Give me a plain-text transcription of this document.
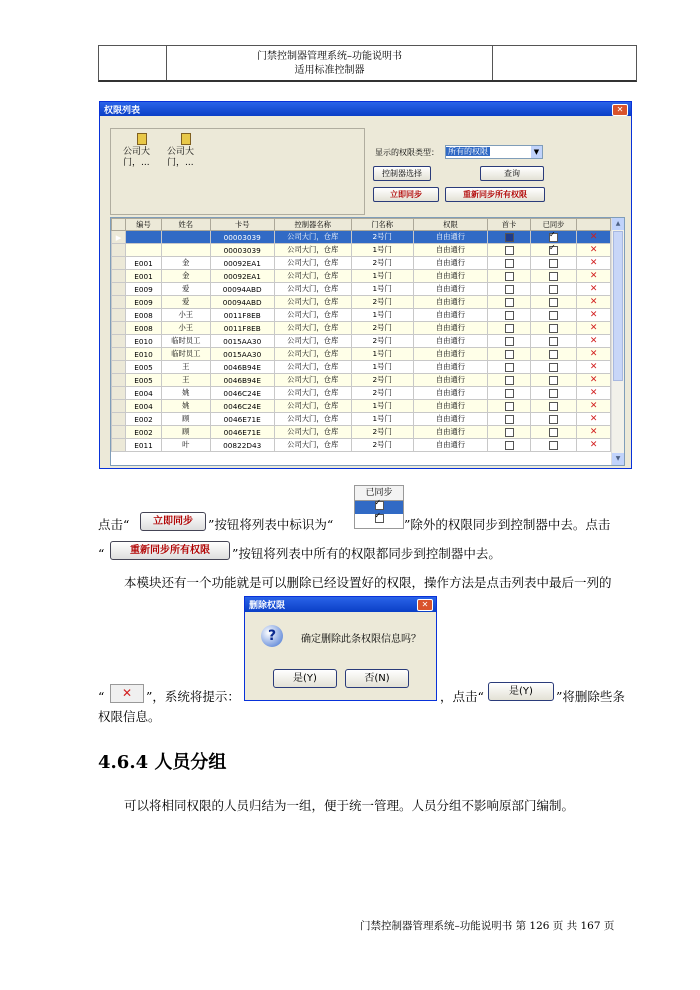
门禁控制器管理系统–功能说明书
适用标准控制器
权限列表	✕
公司大门，...
公司大门，...
显示的权限类型：	所有的权限	▼
控制器选择	查询
立即同步	重新同步所有权限
	编号	姓名	卡号	控制器名称	门名称	权限	首卡	已同步	
▶			00003039	公司大门，仓库	2号门	自由通行		✓	✕
			00003039	公司大门，仓库	1号门	自由通行		✓	✕
	E001	金	00092EA1	公司大门，仓库	2号门	自由通行			✕
	E001	金	00092EA1	公司大门，仓库	1号门	自由通行			✕
	E009	爱	00094ABD	公司大门，仓库	1号门	自由通行			✕
	E009	爱	00094ABD	公司大门，仓库	2号门	自由通行			✕
	E008	小王	0011F8EB	公司大门，仓库	1号门	自由通行			✕
	E008	小王	0011F8EB	公司大门，仓库	2号门	自由通行			✕
	E010	临时员工	0015AA30	公司大门，仓库	2号门	自由通行			✕
	E010	临时员工	0015AA30	公司大门，仓库	1号门	自由通行			✕
	E005	王	0046B94E	公司大门，仓库	1号门	自由通行			✕
	E005	王	0046B94E	公司大门，仓库	2号门	自由通行			✕
	E004	姚	0046C24E	公司大门，仓库	2号门	自由通行			✕
	E004	姚	0046C24E	公司大门，仓库	1号门	自由通行			✕
	E002	顾	0046E71E	公司大门，仓库	1号门	自由通行			✕
	E002	顾	0046E71E	公司大门，仓库	2号门	自由通行			✕
	E011	叶	00822D43	公司大门，仓库	2号门	自由通行			✕
▲
▼
点击“	立即同步	”按钮将列表中标识为“
已同步
✓
✓
”除外的权限同步到控制器中去。点击
“	重新同步所有权限	”按钮将列表中所有的权限都同步到控制器中去。
本模块还有一个功能就是可以删除已经设置好的权限，操作方法是点击列表中最后一列的
删除权限	✕
?	确定删除此条权限信息吗？
是(Y)	否(N)
“	✕	”，系统将提示：	，点击“	是(Y)	”将删除些条
权限信息。
4.6.4 人员分组
可以将相同权限的人员归结为一组，便于统一管理。人员分组不影响原部门编制。
门禁控制器管理系统–功能说明书 第 126 页 共 167 页
